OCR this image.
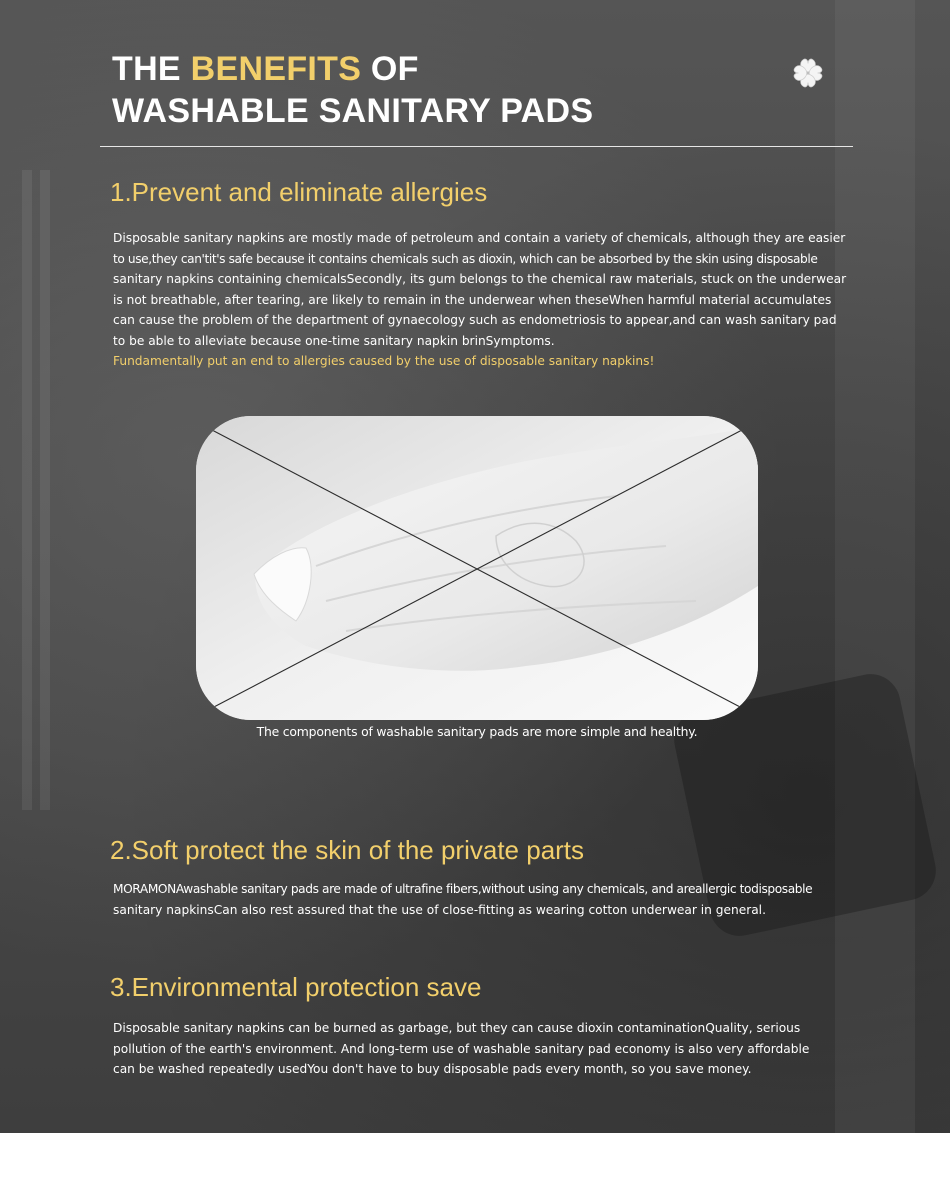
THE BENEFITS OF
WASHABLE SANITARY PADS
1.Prevent and eliminate allergies
Disposable sanitary napkins are mostly made of petroleum and contain a variety of chemicals, although they are easier
to use,they can'tit's safe because it contains chemicals such as dioxin, which can be absorbed by the skin using disposable
sanitary napkins containing chemicalsSecondly, its gum belongs to the chemical raw materials, stuck on the underwear
is not breathable, after tearing, are likely to remain in the underwear when theseWhen harmful material accumulates
can cause the problem of the department of gynaecology such as endometriosis to appear,and can wash sanitary pad
to be able to alleviate because one-time sanitary napkin brinSymptoms.
Fundamentally put an end to allergies caused by the use of disposable sanitary napkins!

The components of washable sanitary pads are more simple and healthy.

2.Soft protect the skin of the private parts
MORAMONAwashable sanitary pads are made of ultrafine fibers,without using any chemicals, and areallergic todisposable
sanitary napkinsCan also rest assured that the use of close-fitting as wearing cotton underwear in general.
3.Environmental protection save
Disposable sanitary napkins can be burned as garbage, but they can cause dioxin contaminationQuality, serious
pollution of the earth's environment. And long-term use of washable sanitary pad economy is also very affordable
can be washed repeatedly usedYou don't have to buy disposable pads every month, so you save money.
